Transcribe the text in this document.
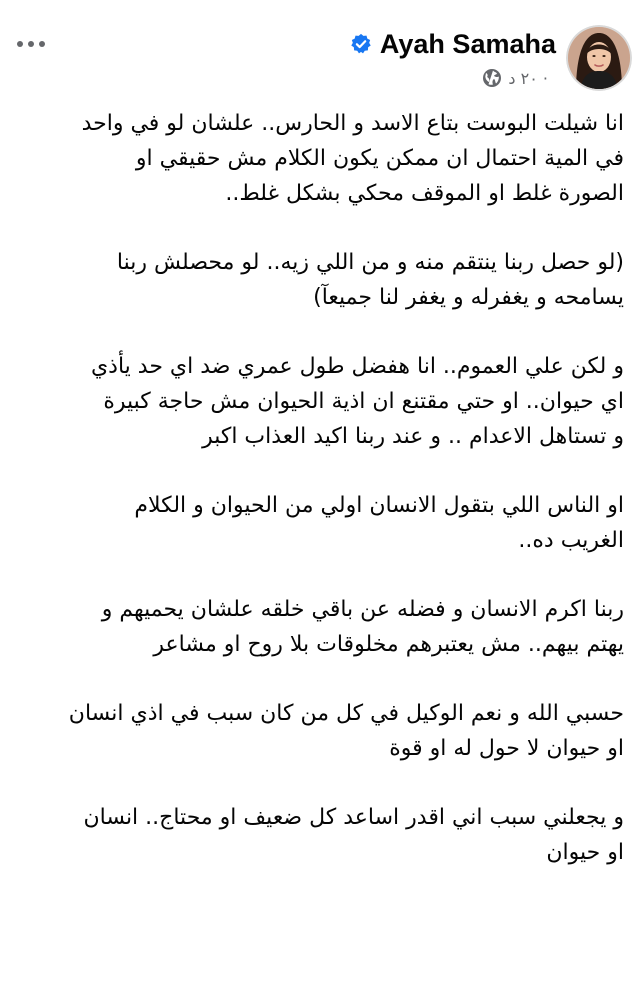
Ayah Samaha
٢٠ د ·

انا شيلت البوست بتاع الاسد و الحارس.. علشان لو في واحد
في المية احتمال ان ممكن يكون الكلام مش حقيقي او
الصورة غلط او الموقف محكي بشكل غلط..

(لو حصل ربنا ينتقم منه و من اللي زيه.. لو محصلش ربنا
يسامحه و يغفرله و يغفر لنا جميعآ)

و لكن علي العموم.. انا هفضل طول عمري ضد اي حد يأذي
اي حيوان.. او حتي مقتنع ان اذية الحيوان مش حاجة كبيرة
و تستاهل الاعدام .. و عند ربنا اكيد العذاب اكبر

او الناس اللي بتقول الانسان اولي من الحيوان و الكلام
الغريب ده..

ربنا اكرم الانسان و فضله عن باقي خلقه علشان يحميهم و
يهتم بيهم.. مش يعتبرهم مخلوقات بلا روح او مشاعر

حسبي الله و نعم الوكيل في كل من كان سبب في اذي انسان
او حيوان لا حول له او قوة

و يجعلني سبب اني اقدر اساعد كل ضعيف او محتاج.. انسان
او حيوان
